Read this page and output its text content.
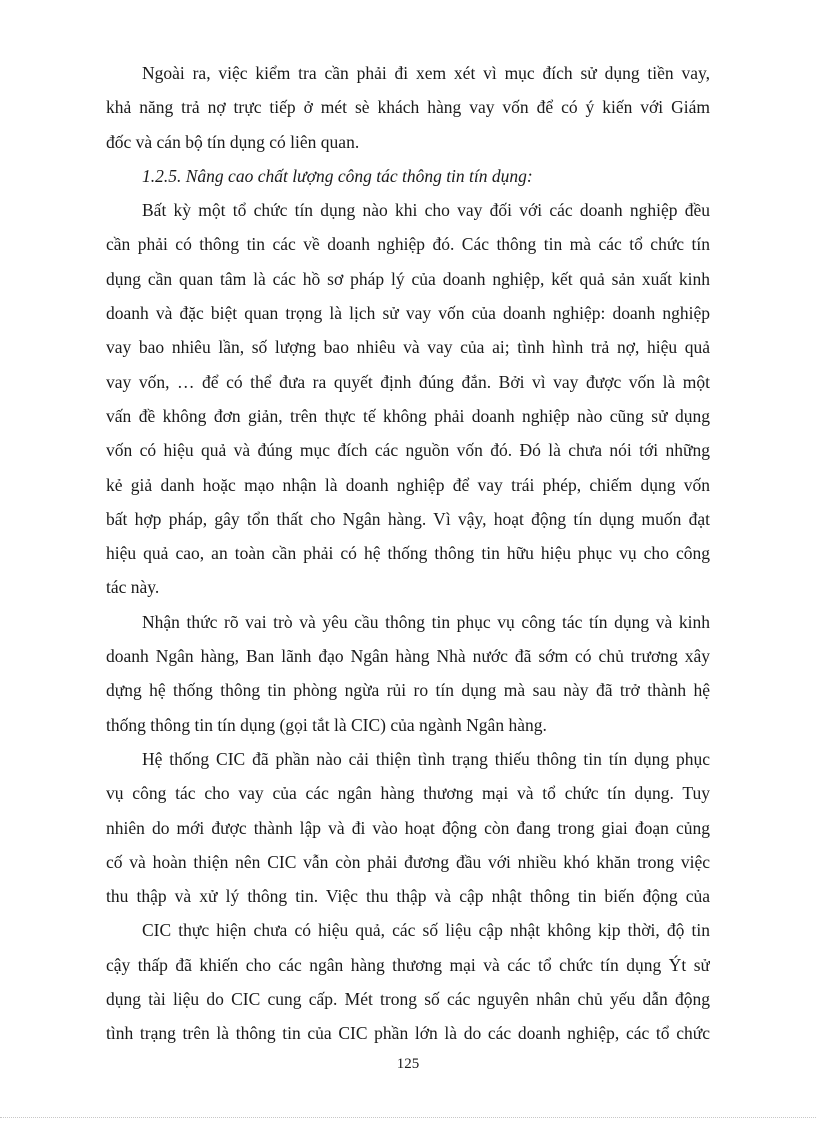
Ngoài ra, việc kiểm tra cần phải đi xem xét vì mục đích sử dụng tiền vay,
khả năng trả nợ trực tiếp ở mét sè khách hàng vay vốn để có ý kiến với Giám
đốc và cán bộ tín dụng có liên quan.
1.2.5. Nâng cao chất lượng công tác thông tin tín dụng:
Bất kỳ một tổ chức tín dụng nào khi cho vay đối với các doanh nghiệp đều
cần phải có thông tin các về doanh nghiệp đó. Các thông tin mà các tổ chức tín
dụng cần quan tâm là các hồ sơ pháp lý của doanh nghiệp, kết quả sản xuất kinh
doanh và đặc biệt quan trọng là lịch sử vay vốn của doanh nghiệp: doanh nghiệp
vay bao nhiêu lần, số lượng bao nhiêu và vay của ai; tình hình trả nợ, hiệu quả
vay vốn, … để có thể đưa ra quyết định đúng đắn. Bởi vì vay được vốn là một
vấn đề không đơn giản, trên thực tế không phải doanh nghiệp nào cũng sử dụng
vốn có hiệu quả và đúng mục đích các nguồn vốn đó. Đó là chưa nói tới những
kẻ giả danh hoặc mạo nhận là doanh nghiệp để vay trái phép, chiếm dụng vốn
bất hợp pháp, gây tổn thất cho Ngân hàng. Vì vậy, hoạt động tín dụng muốn đạt
hiệu quả cao, an toàn cần phải có hệ thống thông tin hữu hiệu phục vụ cho công
tác này.
Nhận thức rõ vai trò và yêu cầu thông tin phục vụ công tác tín dụng và kinh
doanh Ngân hàng, Ban lãnh đạo Ngân hàng Nhà nước đã sớm có chủ trương xây
dựng hệ thống thông tin phòng ngừa rủi ro tín dụng mà sau này đã trở thành hệ
thống thông tin tín dụng (gọi tắt là CIC) của ngành Ngân hàng.
Hệ thống CIC đã phần nào cải thiện tình trạng thiếu thông tin tín dụng phục
vụ công tác cho vay của các ngân hàng thương mại và tổ chức tín dụng. Tuy
nhiên do mới được thành lập và đi vào hoạt động còn đang trong giai đoạn củng
cố và hoàn thiện nên CIC vẫn còn phải đương đầu với nhiều khó khăn trong việc
thu thập và xử lý thông tin. Việc thu thập và cập nhật thông tin biến động của
CIC thực hiện chưa có hiệu quả, các số liệu cập nhật không kịp thời, độ tin
cậy thấp đã khiến cho các ngân hàng thương mại và các tổ chức tín dụng Ýt sử
dụng tài liệu do CIC cung cấp. Mét trong số các nguyên nhân chủ yếu dẫn động
tình trạng trên là thông tin của CIC phần lớn là do các doanh nghiệp, các tổ chức
125
